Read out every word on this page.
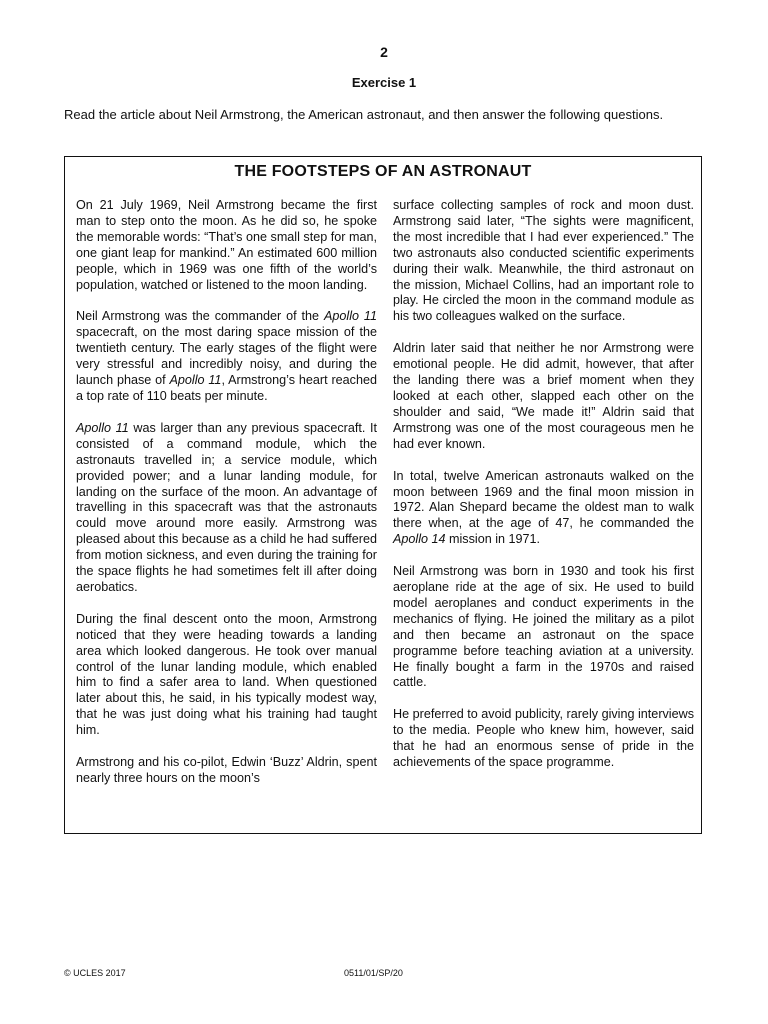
2
Exercise 1
Read the article about Neil Armstrong, the American astronaut, and then answer the following questions.
THE FOOTSTEPS OF AN ASTRONAUT

On 21 July 1969, Neil Armstrong became the first man to step onto the moon. As he did so, he spoke the memorable words: “That’s one small step for man, one giant leap for mankind.” An estimated 600 million people, which in 1969 was one fifth of the world’s population, watched or listened to the moon landing.

Neil Armstrong was the commander of the Apollo 11 spacecraft, on the most daring space mission of the twentieth century. The early stages of the flight were very stressful and incredibly noisy, and during the launch phase of Apollo 11, Armstrong’s heart reached a top rate of 110 beats per minute.

Apollo 11 was larger than any previous spacecraft. It consisted of a command module, which the astronauts travelled in; a service module, which provided power; and a lunar landing module, for landing on the surface of the moon. An advantage of travelling in this spacecraft was that the astronauts could move around more easily. Armstrong was pleased about this because as a child he had suffered from motion sickness, and even during the training for the space flights he had sometimes felt ill after doing aerobatics.

During the final descent onto the moon, Armstrong noticed that they were heading towards a landing area which looked dangerous. He took over manual control of the lunar landing module, which enabled him to find a safer area to land. When questioned later about this, he said, in his typically modest way, that he was just doing what his training had taught him.

Armstrong and his co-pilot, Edwin ‘Buzz’ Aldrin, spent nearly three hours on the moon’s

surface collecting samples of rock and moon dust. Armstrong said later, “The sights were magnificent, the most incredible that I had ever experienced.” The two astronauts also conducted scientific experiments during their walk. Meanwhile, the third astronaut on the mission, Michael Collins, had an important role to play. He circled the moon in the command module as his two colleagues walked on the surface.

Aldrin later said that neither he nor Armstrong were emotional people. He did admit, however, that after the landing there was a brief moment when they looked at each other, slapped each other on the shoulder and said, “We made it!” Aldrin said that Armstrong was one of the most courageous men he had ever known.

In total, twelve American astronauts walked on the moon between 1969 and the final moon mission in 1972. Alan Shepard became the oldest man to walk there when, at the age of 47, he commanded the Apollo 14 mission in 1971.

Neil Armstrong was born in 1930 and took his first aeroplane ride at the age of six. He used to build model aeroplanes and conduct experiments in the mechanics of flying. He joined the military as a pilot and then became an astronaut on the space programme before teaching aviation at a university. He finally bought a farm in the 1970s and raised cattle.

He preferred to avoid publicity, rarely giving interviews to the media. People who knew him, however, said that he had an enormous sense of pride in the achievements of the space programme.

© UCLES 2017	0511/01/SP/20
